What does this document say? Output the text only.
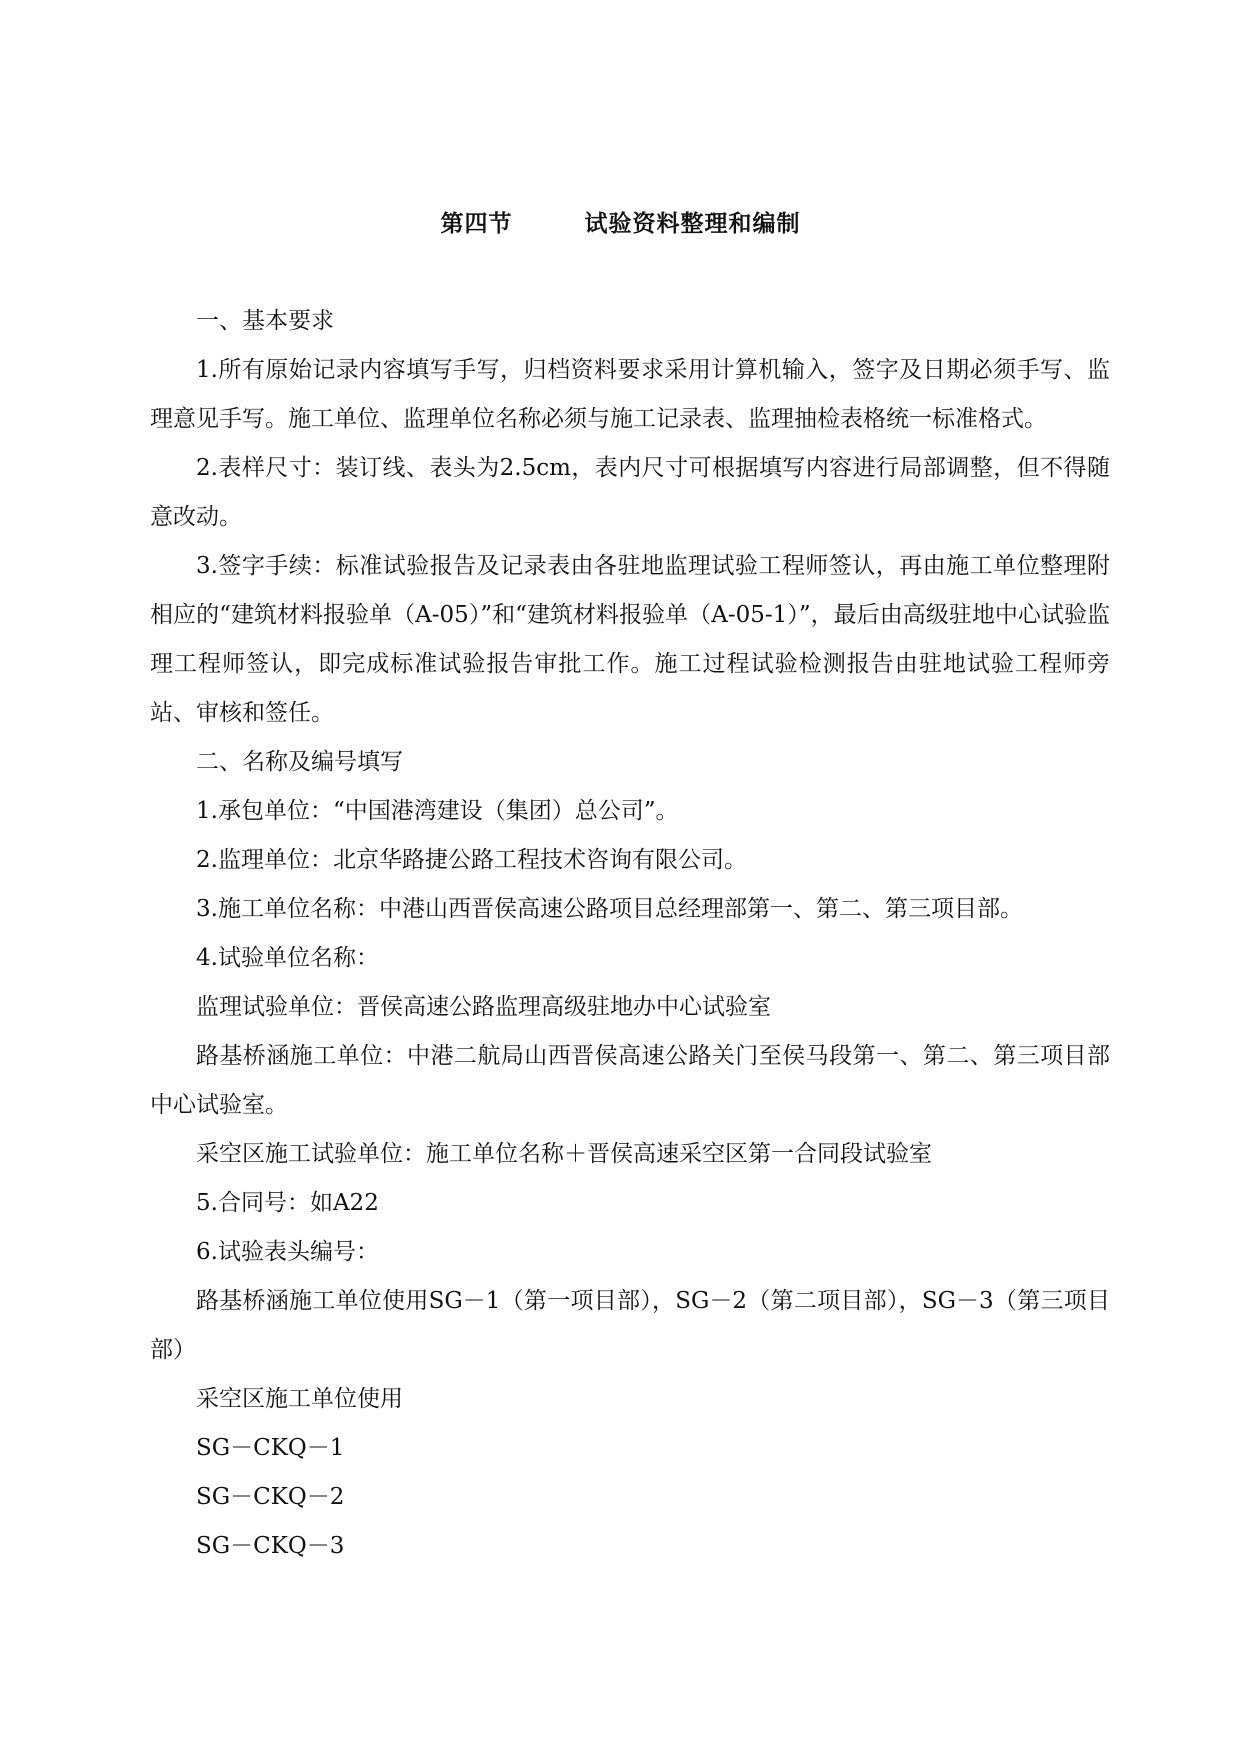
第四节	试验资料整理和编制

一、基本要求

1.所有原始记录内容填写手写，归档资料要求采用计算机输入，签字及日期必须手写、监理意见手写。施工单位、监理单位名称必须与施工记录表、监理抽检表格统一标准格式。

2.表样尺寸：装订线、表头为2.5cm，表内尺寸可根据填写内容进行局部调整，但不得随意改动。

3.签字手续：标准试验报告及记录表由各驻地监理试验工程师签认，再由施工单位整理附相应的“建筑材料报验单（A-05）”和“建筑材料报验单（A-05-1）”，最后由高级驻地中心试验监理工程师签认，即完成标准试验报告审批工作。施工过程试验检测报告由驻地试验工程师旁站、审核和签任。

二、名称及编号填写

1.承包单位：“中国港湾建设（集团）总公司”。

2.监理单位：北京华路捷公路工程技术咨询有限公司。

3.施工单位名称：中港山西晋侯高速公路项目总经理部第一、第二、第三项目部。

4.试验单位名称：

监理试验单位：晋侯高速公路监理高级驻地办中心试验室

路基桥涵施工单位：中港二航局山西晋侯高速公路关门至侯马段第一、第二、第三项目部中心试验室。

采空区施工试验单位：施工单位名称＋晋侯高速采空区第一合同段试验室

5.合同号：如A22

6.试验表头编号：

路基桥涵施工单位使用SG－1（第一项目部），SG－2（第二项目部），SG－3（第三项目部）

采空区施工单位使用

SG－CKQ－1

SG－CKQ－2

SG－CKQ－3
